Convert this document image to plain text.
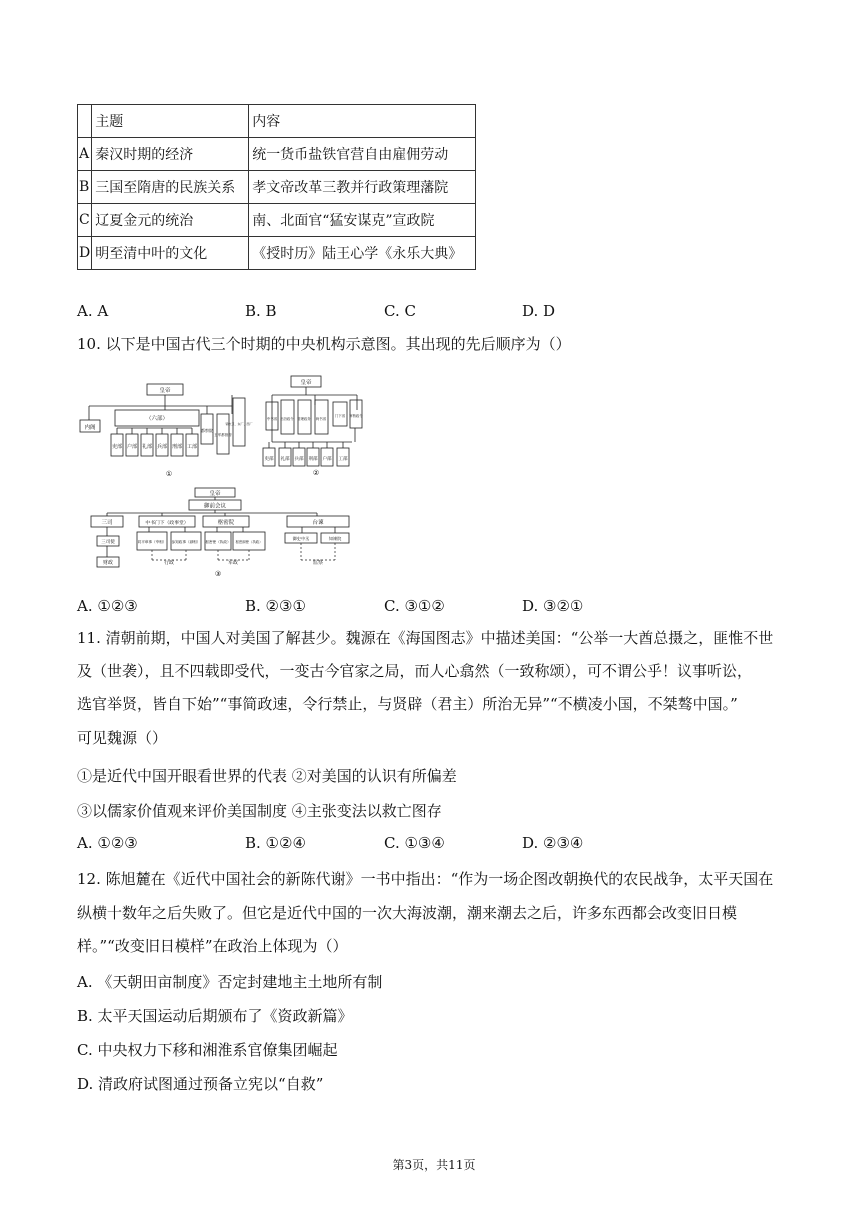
	主题	内容
A	秦汉时期的经济	统一货币盐铁官营自由雇佣劳动
B	三国至隋唐的民族关系	孝文帝改革三教并行政策理藩院
C	辽夏金元的统治	南、北面官“猛安谋克”宣政院
D	明至清中叶的文化	《授时历》陆王心学《永乐大典》
A. A	B. B	C. C	D. D
10. 以下是中国古代三个时期的中央机构示意图。其出现的先后顺序为（）
皇帝
内阁
（六部）
吏部 户部 礼部 兵部 刑部 工部
都察院
五军都督府
锦衣卫、东厂、西厂
①
皇帝
中书省	尚书省
门下省
出旨政令 管理政务
审核政令
吏部 礼部 兵部 刑部 户部 工部
②
皇帝
御前会议
三司	中书门下（政事堂）	枢密院	台谏
三司使	同平章事（宰相） 参知政事（副相） 枢密使（执政） 枢密副使（执政）
御史中丞	知谏院
财政	行政	军政	监察
③
A. ①②③	B. ②③①	C. ③①②	D. ③②①
11. 清朝前期，中国人对美国了解甚少。魏源在《海国图志》中描述美国：“公举一大酋总摄之，匪惟不世
及（世袭），且不四载即受代，一变古今官家之局，而人心翕然（一致称颂），可不谓公乎！议事听讼，
选官举贤，皆自下始”“事简政速，令行禁止，与贤辟（君主）所治无异”“不横凌小国，不桀骜中国。”
可见魏源（）
①是近代中国开眼看世界的代表 ②对美国的认识有所偏差
③以儒家价值观来评价美国制度 ④主张变法以救亡图存
A. ①②③	B. ①②④	C. ①③④	D. ②③④
12. 陈旭麓在《近代中国社会的新陈代谢》一书中指出：“作为一场企图改朝换代的农民战争，太平天国在
纵横十数年之后失败了。但它是近代中国的一次大海波潮，潮来潮去之后，许多东西都会改变旧日模
样。”“改变旧日模样”在政治上体现为（）
A. 《天朝田亩制度》否定封建地主土地所有制
B. 太平天国运动后期颁布了《资政新篇》
C. 中央权力下移和湘淮系官僚集团崛起
D. 清政府试图通过预备立宪以“自救”
第3页，共11页
